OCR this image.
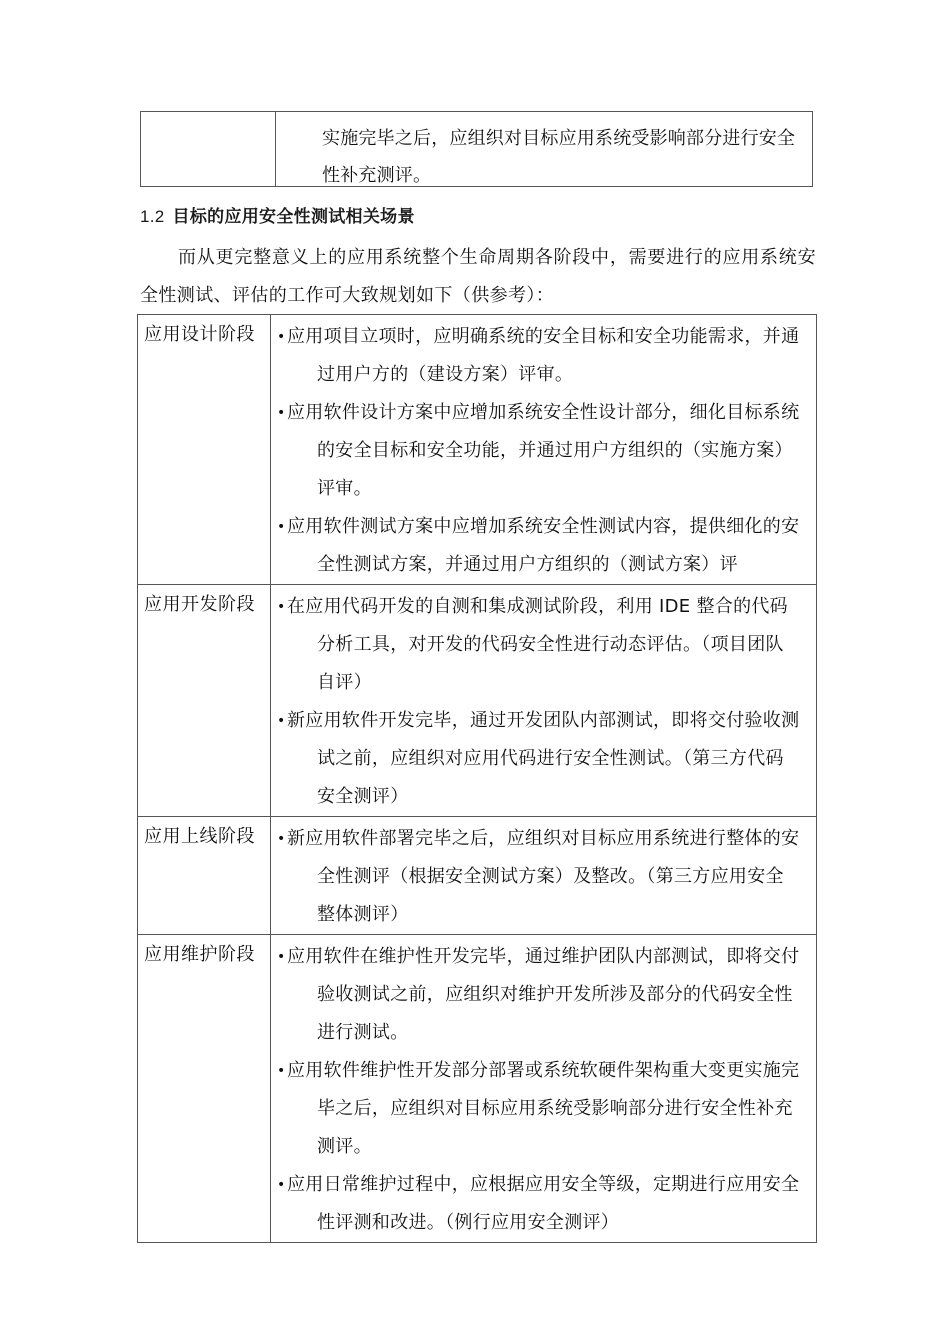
实施完毕之后，应组织对目标应用系统受影响部分进行安全性补充测评。
1.2 目标的应用安全性测试相关场景
而从更完整意义上的应用系统整个生命周期各阶段中，需要进行的应用系统安全性测试、评估的工作可大致规划如下（供参考）：
应用设计阶段	•应用项目立项时，应明确系统的安全目标和安全功能需求，并通过用户方的（建设方案）评审。
•应用软件设计方案中应增加系统安全性设计部分，细化目标系统的安全目标和安全功能，并通过用户方组织的（实施方案）评审。
•应用软件测试方案中应增加系统安全性测试内容，提供细化的安全性测试方案，并通过用户方组织的（测试方案）评

应用开发阶段	•在应用代码开发的自测和集成测试阶段，利用 IDE 整合的代码分析工具，对开发的代码安全性进行动态评估。（项目团队自评）
•新应用软件开发完毕，通过开发团队内部测试，即将交付验收测试之前，应组织对应用代码进行安全性测试。（第三方代码安全测评）

应用上线阶段	•新应用软件部署完毕之后，应组织对目标应用系统进行整体的安全性测评（根据安全测试方案）及整改。（第三方应用安全整体测评）

应用维护阶段	•应用软件在维护性开发完毕，通过维护团队内部测试，即将交付验收测试之前，应组织对维护开发所涉及部分的代码安全性进行测试。
•应用软件维护性开发部分部署或系统软硬件架构重大变更实施完毕之后，应组织对目标应用系统受影响部分进行安全性补充测评。
•应用日常维护过程中，应根据应用安全等级，定期进行应用安全性评测和改进。（例行应用安全测评）
